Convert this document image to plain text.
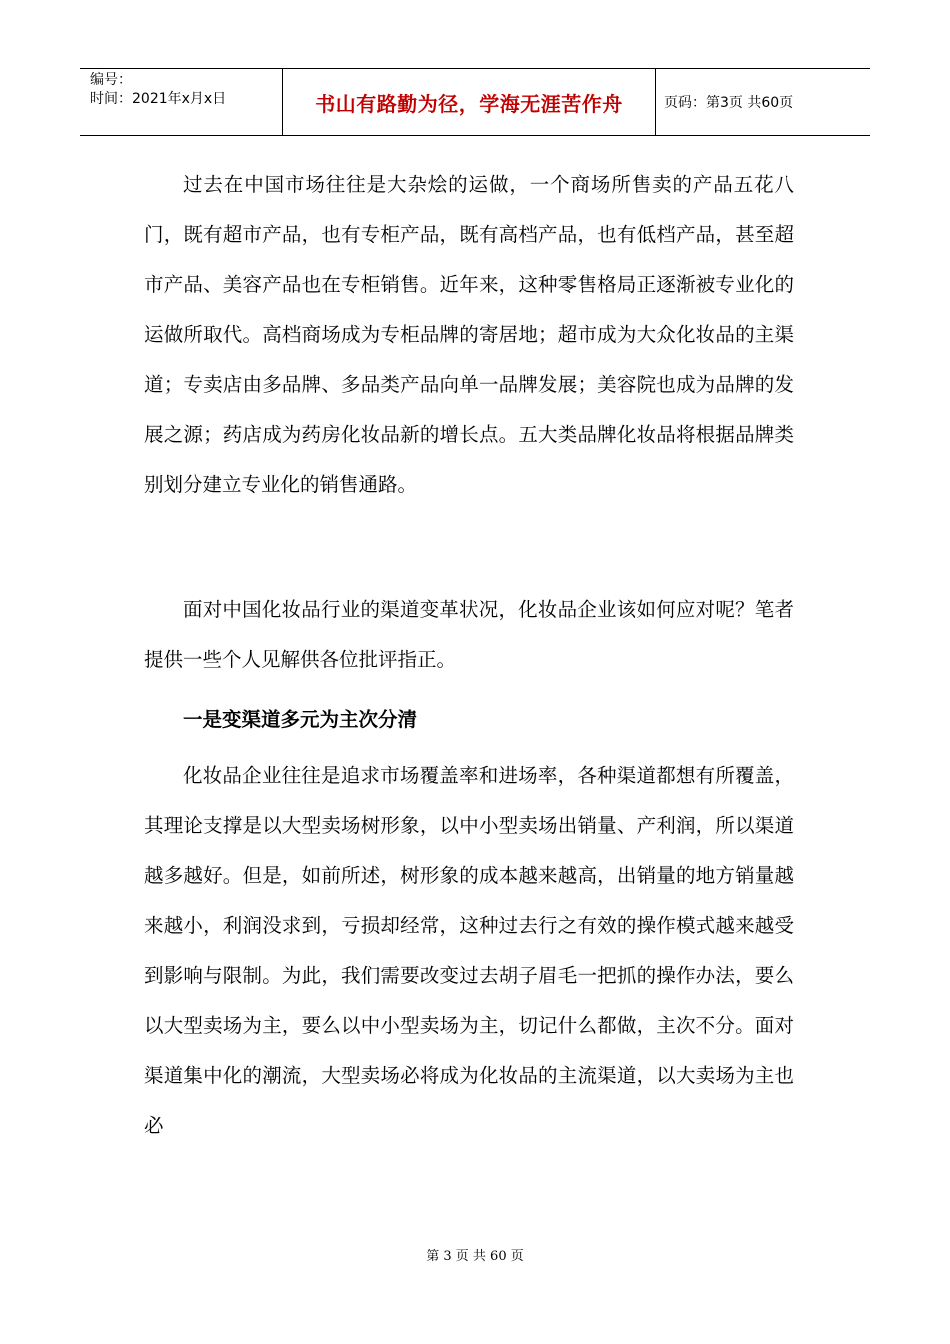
编号：
时间：2021年x月x日	书山有路勤为径，学海无涯苦作舟	页码：第3页 共60页

过去在中国市场往往是大杂烩的运做，一个商场所售卖的产品五花八门，既有超市产品，也有专柜产品，既有高档产品，也有低档产品，甚至超市产品、美容产品也在专柜销售。近年来，这种零售格局正逐渐被专业化的运做所取代。高档商场成为专柜品牌的寄居地；超市成为大众化妆品的主渠道；专卖店由多品牌、多品类产品向单一品牌发展；美容院也成为品牌的发展之源；药店成为药房化妆品新的增长点。五大类品牌化妆品将根据品牌类别划分建立专业化的销售通路。

面对中国化妆品行业的渠道变革状况，化妆品企业该如何应对呢？笔者提供一些个人见解供各位批评指正。

一是变渠道多元为主次分清

化妆品企业往往是追求市场覆盖率和进场率，各种渠道都想有所覆盖，其理论支撑是以大型卖场树形象，以中小型卖场出销量、产利润，所以渠道越多越好。但是，如前所述，树形象的成本越来越高，出销量的地方销量越来越小，利润没求到，亏损却经常，这种过去行之有效的操作模式越来越受到影响与限制。为此，我们需要改变过去胡子眉毛一把抓的操作办法，要么以大型卖场为主，要么以中小型卖场为主，切记什么都做，主次不分。面对渠道集中化的潮流，大型卖场必将成为化妆品的主流渠道，以大卖场为主也必

第 3 页 共 60 页
